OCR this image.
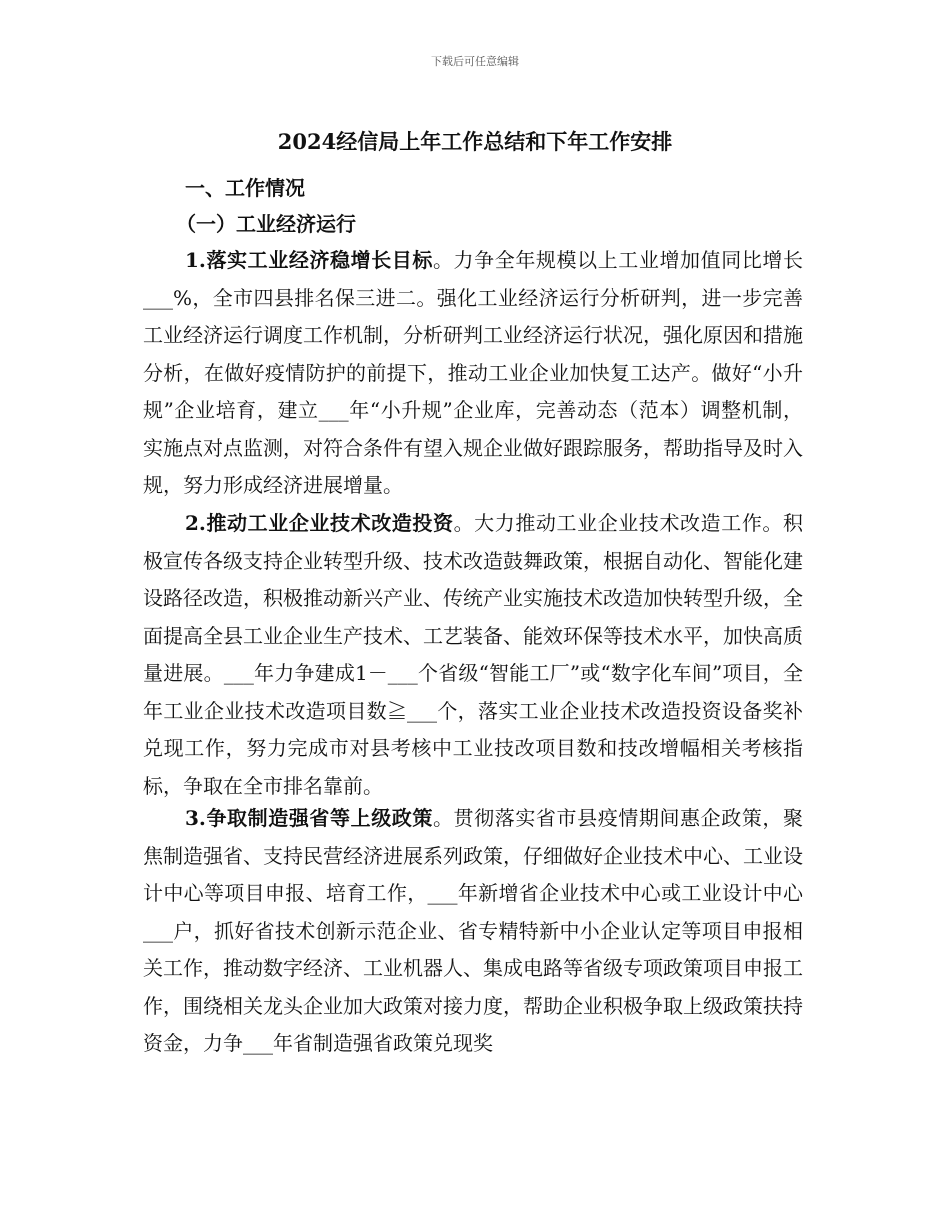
下载后可任意编辑
2024经信局上年工作总结和下年工作安排
一、工作情况
（一）工业经济运行

1.落实工业经济稳增长目标。力争全年规模以上工业增加值同比增长___%，全市四县排名保三进二。强化工业经济运行分析研判，进一步完善工业经济运行调度工作机制，分析研判工业经济运行状况，强化原因和措施分析，在做好疫情防护的前提下，推动工业企业加快复工达产。做好“小升规”企业培育，建立___年“小升规”企业库，完善动态（范本）调整机制，实施点对点监测，对符合条件有望入规企业做好跟踪服务，帮助指导及时入规，努力形成经济进展增量。

2.推动工业企业技术改造投资。大力推动工业企业技术改造工作。积极宣传各级支持企业转型升级、技术改造鼓舞政策，根据自动化、智能化建设路径改造，积极推动新兴产业、传统产业实施技术改造加快转型升级，全面提高全县工业企业生产技术、工艺装备、能效环保等技术水平，加快高质量进展。___年力争建成1－___个省级“智能工厂”或“数字化车间”项目，全年工业企业技术改造项目数≧___个，落实工业企业技术改造投资设备奖补兑现工作，努力完成市对县考核中工业技改项目数和技改增幅相关考核指标，争取在全市排名靠前。

3.争取制造强省等上级政策。贯彻落实省市县疫情期间惠企政策，聚焦制造强省、支持民营经济进展系列政策，仔细做好企业技术中心、工业设计中心等项目申报、培育工作，___年新增省企业技术中心或工业设计中心___户，抓好省技术创新示范企业、省专精特新中小企业认定等项目申报相关工作，推动数字经济、工业机器人、集成电路等省级专项政策项目申报工作，围绕相关龙头企业加大政策对接力度，帮助企业积极争取上级政策扶持资金，力争___年省制造强省政策兑现奖
